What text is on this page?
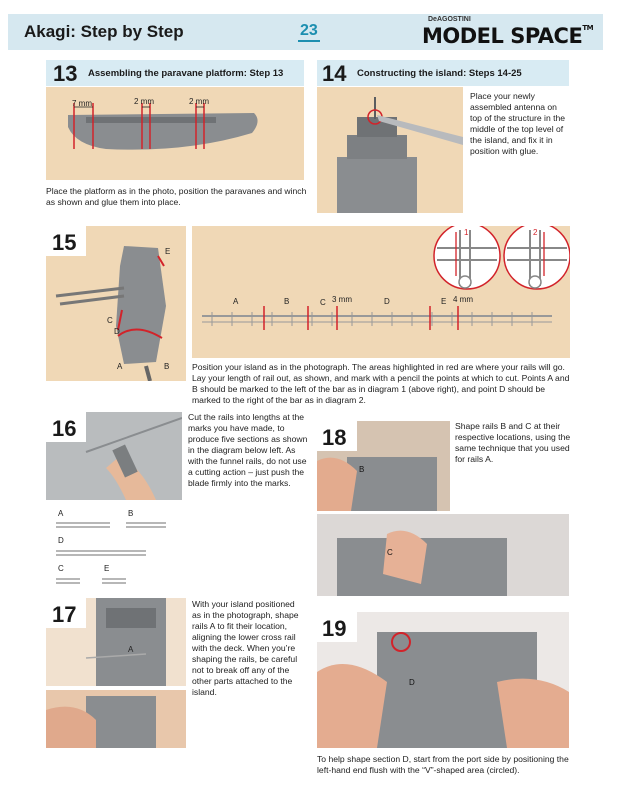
Akagi: Step by Step	23
DeAGOSTINI
MODEL SPACE™
13 Assembling the paravane platform: Step 13
7 mm	2 mm	2 mm
Place the platform as in the photo, position the paravanes and winch as shown and glue them into place.
14 Constructing the island: Steps 14-25
Place your newly assembled antenna on top of the structure in the middle of the top level of the island, and fix it in position with glue.
15	E
C
D
A	B
A	B	C 3 mm	D	E 4 mm
1	2
Position your island as in the photograph. The areas highlighted in red are where your rails will go. Lay your length of rail out, as shown, and mark with a pencil the points at which to cut. Points A and B should be marked to the left of the bar as in diagram 1 (above right), and point D should be marked to the right of the bar as in diagram 2.
16	Cut the rails into lengths at the marks you have made, to produce five sections as shown in the diagram below left. As with the funnel rails, do not use a cutting action – just push the blade firmly into the marks.
A	B
D
C	E
17
A
With your island positioned as in the photograph, shape rails A to fit their location, aligning the lower cross rail with the deck. When you’re shaping the rails, be careful not to break off any of the other parts attached to the island.
Shape rails B and C at their respective locations, using the same technique that you used for rails A.
18
B
C
19
D
To help shape section D, start from the port side by positioning the left-hand end flush with the “V”-shaped area (circled).
